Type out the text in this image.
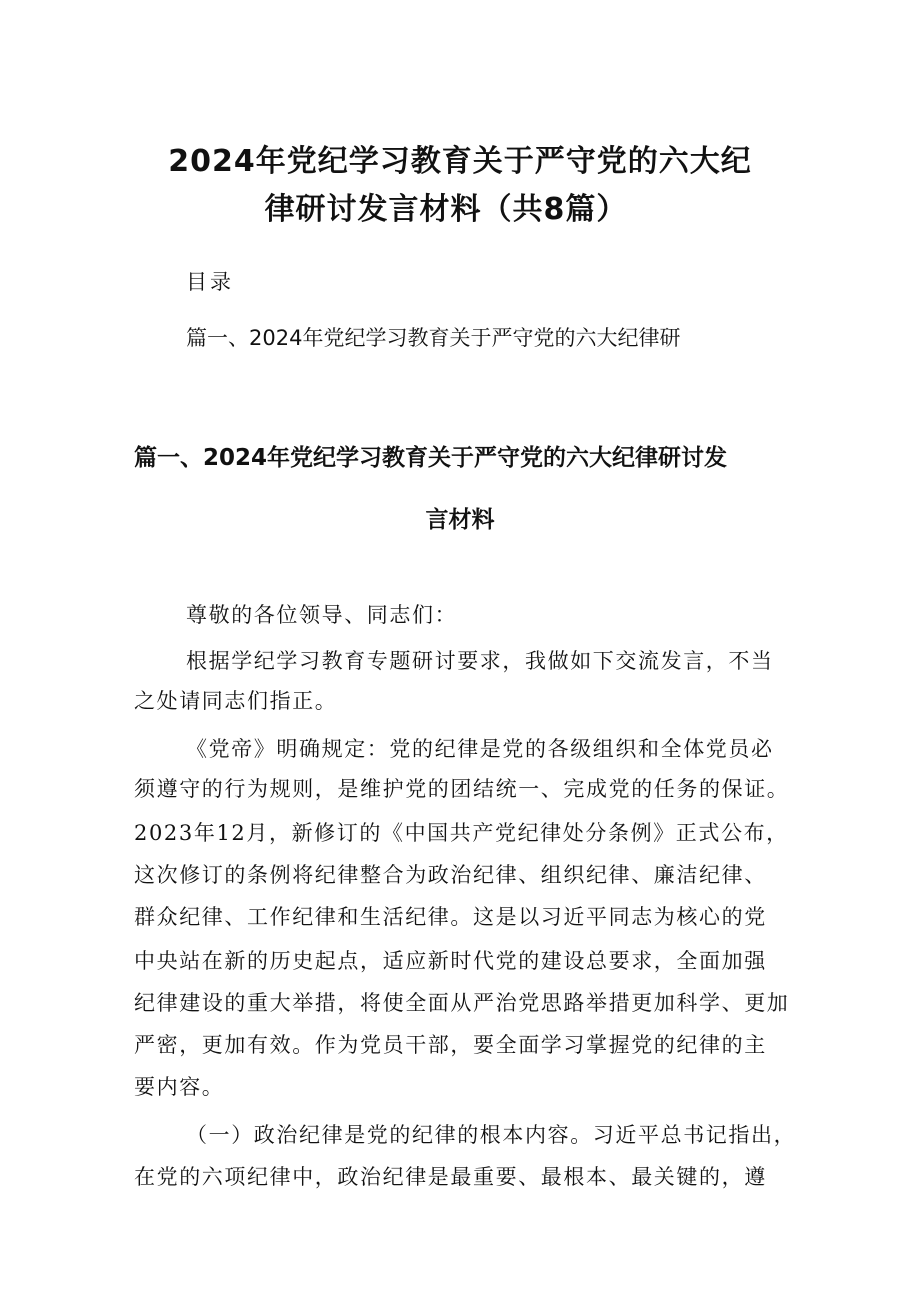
2024年党纪学习教育关于严守党的六大纪
律研讨发言材料（共8篇）
目录
篇一、2024年党纪学习教育关于严守党的六大纪律研
篇一、2024年党纪学习教育关于严守党的六大纪律研讨发
言材料
尊敬的各位领导、同志们：
根据学纪学习教育专题研讨要求，我做如下交流发言，不当
之处请同志们指正。
《党帝》明确规定：党的纪律是党的各级组织和全体党员必
须遵守的行为规则，是维护党的团结统一、完成党的任务的保证。
2023年12月，新修订的《中国共产党纪律处分条例》正式公布，
这次修订的条例将纪律整合为政治纪律、组织纪律、廉洁纪律、
群众纪律、工作纪律和生活纪律。这是以习近平同志为核心的党
中央站在新的历史起点，适应新时代党的建设总要求，全面加强
纪律建设的重大举措，将使全面从严治党思路举措更加科学、更加
严密，更加有效。作为党员干部，要全面学习掌握党的纪律的主
要内容。
（一）政治纪律是党的纪律的根本内容。习近平总书记指出，
在党的六项纪律中，政治纪律是最重要、最根本、最关键的，遵
